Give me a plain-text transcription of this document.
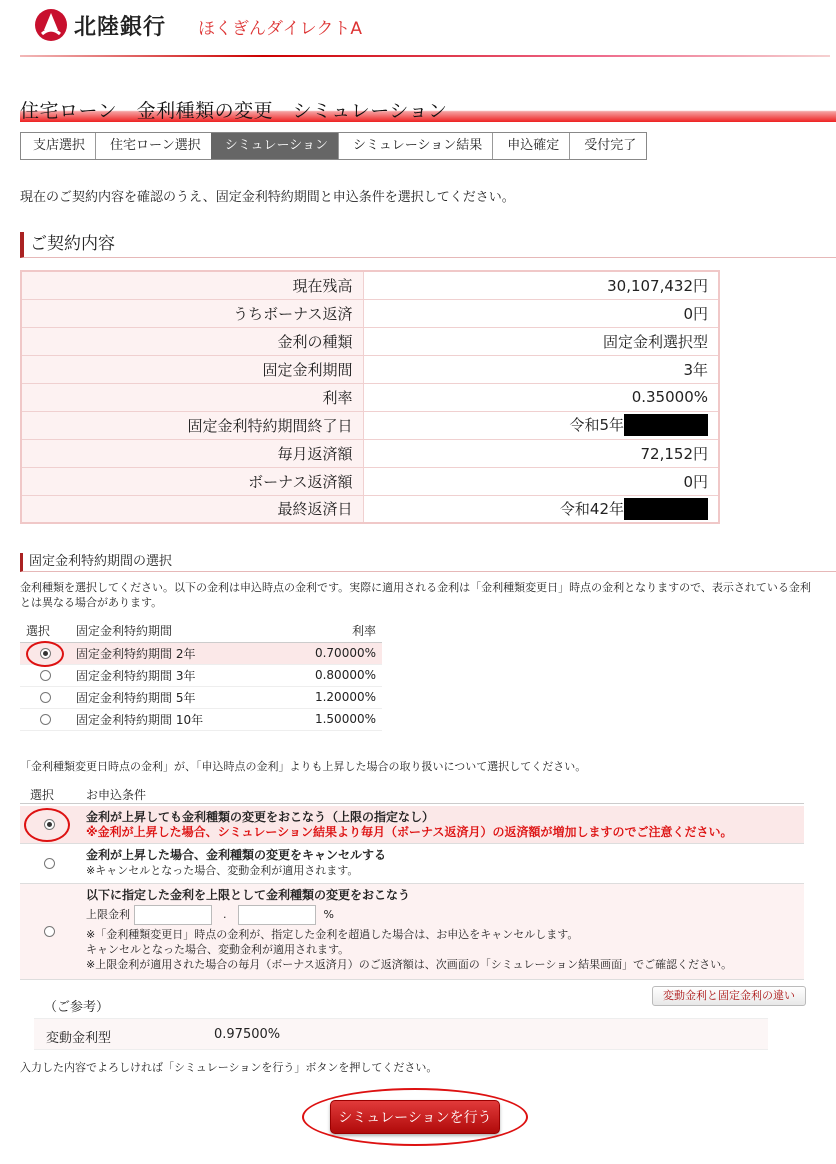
北陸銀行 ほくぎんダイレクトA
住宅ローン　金利種類の変更　シミュレーション
支店選択	住宅ローン選択	シミュレーション	シミュレーション結果	申込確定	受付完了
現在のご契約内容を確認のうえ、固定金利特約期間と申込条件を選択してください。
ご契約内容
現在残高	30,107,432円
うちボーナス返済	0円
金利の種類	固定金利選択型
固定金利期間	3年
利率	0.35000%
固定金利特約期間終了日	令和5年
毎月返済額	72,152円
ボーナス返済額	0円
最終返済日	令和42年
固定金利特約期間の選択
金利種類を選択してください。以下の金利は申込時点の金利です。実際に適用される金利は「金利種類変更日」時点の金利となりますので、表示されている金利とは異なる場合があります。
選択	固定金利特約期間	利率
	固定金利特約期間 2年	0.70000%
	固定金利特約期間 3年	0.80000%
	固定金利特約期間 5年	1.20000%
	固定金利特約期間 10年	1.50000%
「金利種類変更日時点の金利」が、「申込時点の金利」よりも上昇した場合の取り扱いについて選択してください。
選択	お申込条件
金利が上昇しても金利種類の変更をおこなう（上限の指定なし）
※金利が上昇した場合、シミュレーション結果より毎月（ボーナス返済月）の返済額が増加しますのでご注意ください。
金利が上昇した場合、金利種類の変更をキャンセルする
※キャンセルとなった場合、変動金利が適用されます。
以下に指定した金利を上限として金利種類の変更をおこなう
上限金利	.	%
※「金利種類変更日」時点の金利が、指定した金利を超過した場合は、お申込をキャンセルします。
キャンセルとなった場合、変動金利が適用されます。
※上限金利が適用された場合の毎月（ボーナス返済月）のご返済額は、次画面の「シミュレーション結果画面」でご確認ください。
変動金利と固定金利の違い
（ご参考）
変動金利型	0.97500%
入力した内容でよろしければ「シミュレーションを行う」ボタンを押してください。
シミュレーションを行う
